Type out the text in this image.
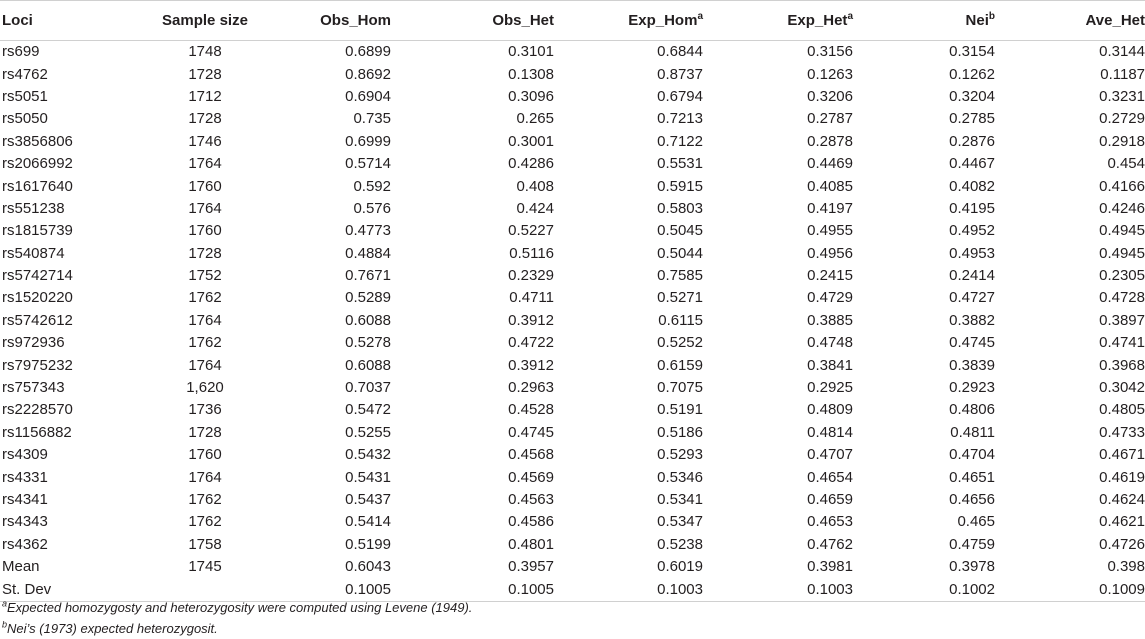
Loci	Sample size	Obs_Hom	Obs_Het	Exp_Hom$^a$	Exp_Het$^a$	Nei$^b$	Ave_Het
rs699	1748	0.6899	0.3101	0.6844	0.3156	0.3154	0.3144
rs4762	1728	0.8692	0.1308	0.8737	0.1263	0.1262	0.1187
rs5051	1712	0.6904	0.3096	0.6794	0.3206	0.3204	0.3231
rs5050	1728	0.735	0.265	0.7213	0.2787	0.2785	0.2729
rs3856806	1746	0.6999	0.3001	0.7122	0.2878	0.2876	0.2918
rs2066992	1764	0.5714	0.4286	0.5531	0.4469	0.4467	0.454
rs1617640	1760	0.592	0.408	0.5915	0.4085	0.4082	0.4166
rs551238	1764	0.576	0.424	0.5803	0.4197	0.4195	0.4246
rs1815739	1760	0.4773	0.5227	0.5045	0.4955	0.4952	0.4945
rs540874	1728	0.4884	0.5116	0.5044	0.4956	0.4953	0.4945
rs5742714	1752	0.7671	0.2329	0.7585	0.2415	0.2414	0.2305
rs1520220	1762	0.5289	0.4711	0.5271	0.4729	0.4727	0.4728
rs5742612	1764	0.6088	0.3912	0.6115	0.3885	0.3882	0.3897
rs972936	1762	0.5278	0.4722	0.5252	0.4748	0.4745	0.4741
rs7975232	1764	0.6088	0.3912	0.6159	0.3841	0.3839	0.3968
rs757343	1,620	0.7037	0.2963	0.7075	0.2925	0.2923	0.3042
rs2228570	1736	0.5472	0.4528	0.5191	0.4809	0.4806	0.4805
rs1156882	1728	0.5255	0.4745	0.5186	0.4814	0.4811	0.4733
rs4309	1760	0.5432	0.4568	0.5293	0.4707	0.4704	0.4671
rs4331	1764	0.5431	0.4569	0.5346	0.4654	0.4651	0.4619
rs4341	1762	0.5437	0.4563	0.5341	0.4659	0.4656	0.4624
rs4343	1762	0.5414	0.4586	0.5347	0.4653	0.465	0.4621
rs4362	1758	0.5199	0.4801	0.5238	0.4762	0.4759	0.4726
Mean	1745	0.6043	0.3957	0.6019	0.3981	0.3978	0.398
St. Dev		0.1005	0.1005	0.1003	0.1003	0.1002	0.1009
$^a$Expected homozygosty and heterozygosity were computed using Levene (1949).
$^b$Nei’s (1973) expected heterozygosit.
